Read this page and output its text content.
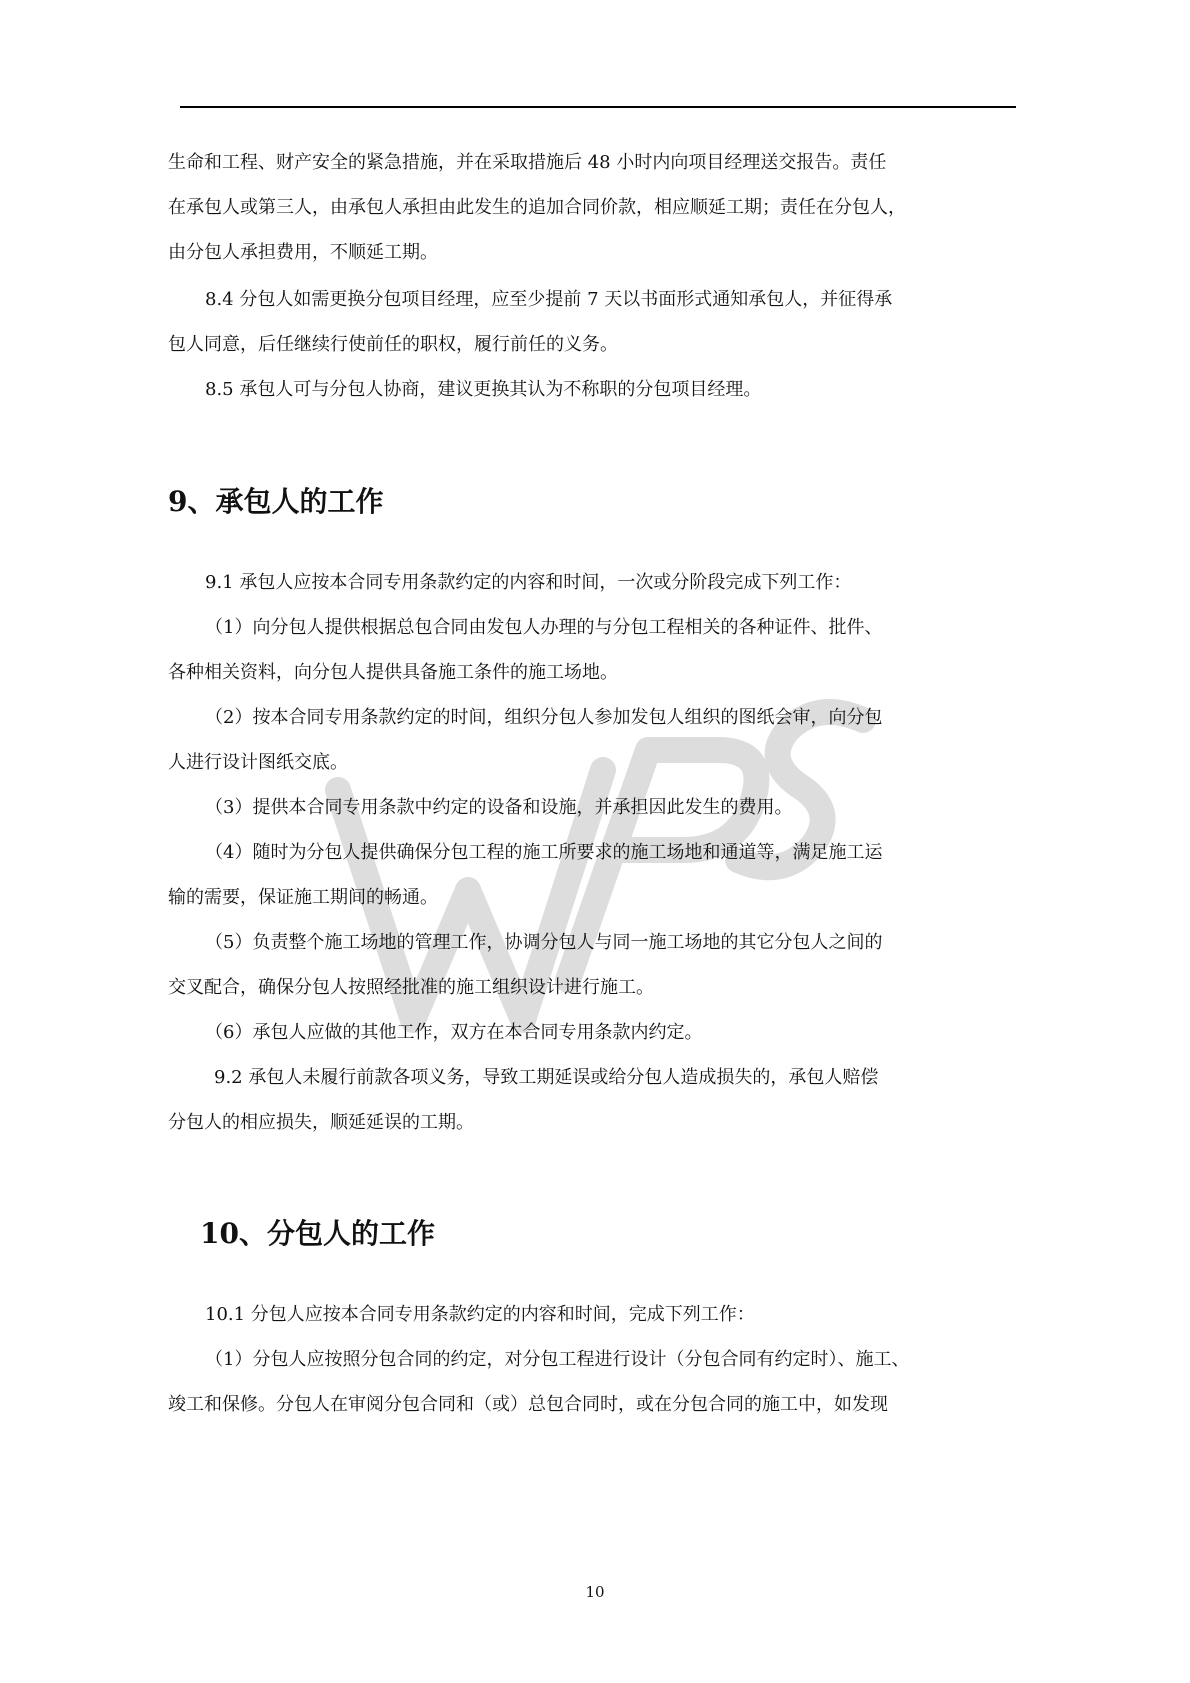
生命和工程、财产安全的紧急措施，并在采取措施后 48 小时内向项目经理送交报告。责任
在承包人或第三人，由承包人承担由此发生的追加合同价款，相应顺延工期；责任在分包人，
由分包人承担费用，不顺延工期。
8.4 分包人如需更换分包项目经理，应至少提前 7 天以书面形式通知承包人，并征得承
包人同意，后任继续行使前任的职权，履行前任的义务。
8.5 承包人可与分包人协商，建议更换其认为不称职的分包项目经理。
9、承包人的工作
9.1 承包人应按本合同专用条款约定的内容和时间，一次或分阶段完成下列工作：
（1）向分包人提供根据总包合同由发包人办理的与分包工程相关的各种证件、批件、
各种相关资料，向分包人提供具备施工条件的施工场地。
（2）按本合同专用条款约定的时间，组织分包人参加发包人组织的图纸会审，向分包
人进行设计图纸交底。
（3）提供本合同专用条款中约定的设备和设施，并承担因此发生的费用。
（4）随时为分包人提供确保分包工程的施工所要求的施工场地和通道等，满足施工运
输的需要，保证施工期间的畅通。
（5）负责整个施工场地的管理工作，协调分包人与同一施工场地的其它分包人之间的
交叉配合，确保分包人按照经批准的施工组织设计进行施工。
（6）承包人应做的其他工作，双方在本合同专用条款内约定。
9.2 承包人未履行前款各项义务，导致工期延误或给分包人造成损失的，承包人赔偿
分包人的相应损失，顺延延误的工期。
10、分包人的工作
10.1 分包人应按本合同专用条款约定的内容和时间，完成下列工作：
（1）分包人应按照分包合同的约定，对分包工程进行设计（分包合同有约定时）、施工、
竣工和保修。分包人在审阅分包合同和（或）总包合同时，或在分包合同的施工中，如发现
10
